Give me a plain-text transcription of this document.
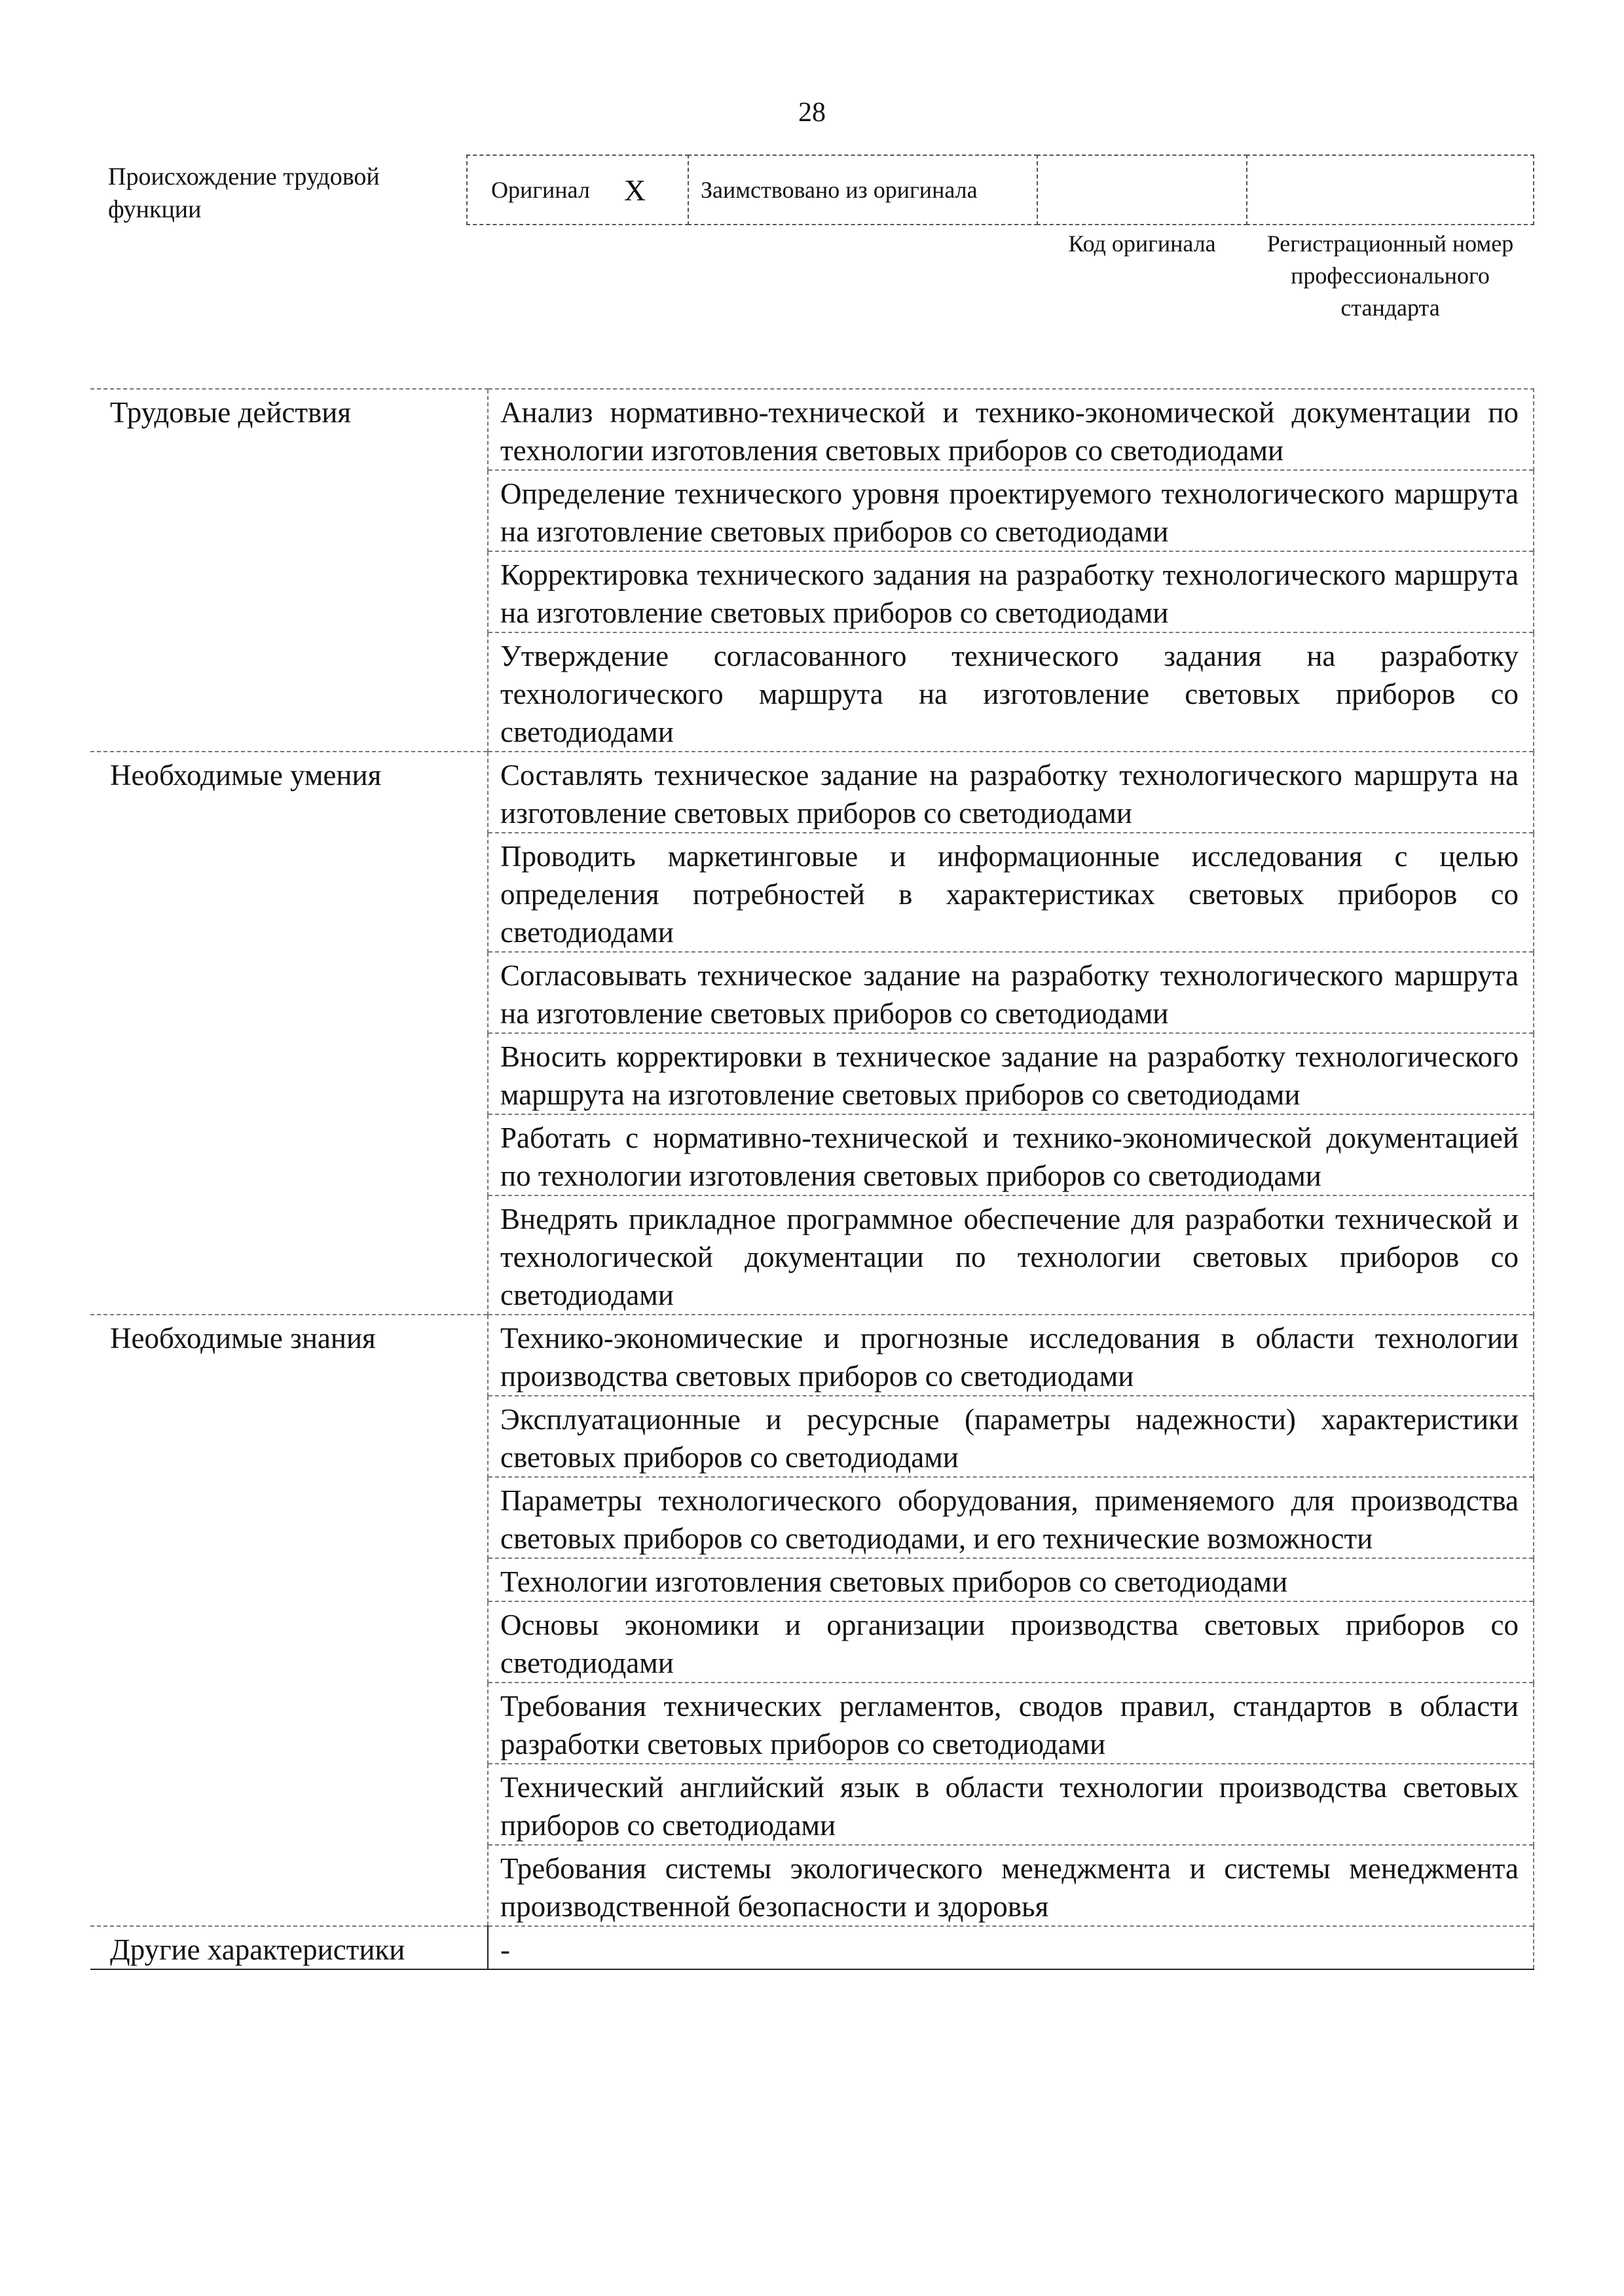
28
Происхождение трудовой функции
Оригинал X Заимствовано из оригинала
Код оригинала	Регистрационный номер профессионального стандарта
Трудовые действия	Анализ нормативно-технической и технико-экономической документации по технологии изготовления световых приборов со светодиодами
	Определение технического уровня проектируемого технологического маршрута на изготовление световых приборов со светодиодами
	Корректировка технического задания на разработку технологического маршрута на изготовление световых приборов со светодиодами
	Утверждение согласованного технического задания на разработку технологического маршрута на изготовление световых приборов со светодиодами
Необходимые умения	Составлять техническое задание на разработку технологического маршрута на изготовление световых приборов со светодиодами
	Проводить маркетинговые и информационные исследования с целью определения потребностей в характеристиках световых приборов со светодиодами
	Согласовывать техническое задание на разработку технологического маршрута на изготовление световых приборов со светодиодами
	Вносить корректировки в техническое задание на разработку технологического маршрута на изготовление световых приборов со светодиодами
	Работать с нормативно-технической и технико-экономической документацией по технологии изготовления световых приборов со светодиодами
	Внедрять прикладное программное обеспечение для разработки технической и технологической документации по технологии световых приборов со светодиодами
Необходимые знания	Технико-экономические и прогнозные исследования в области технологии производства световых приборов со светодиодами
	Эксплуатационные и ресурсные (параметры надежности) характеристики световых приборов со светодиодами
	Параметры технологического оборудования, применяемого для производства световых приборов со светодиодами, и его технические возможности
	Технологии изготовления световых приборов со светодиодами
	Основы экономики и организации производства световых приборов со светодиодами
	Требования технических регламентов, сводов правил, стандартов в области разработки световых приборов со светодиодами
	Технический английский язык в области технологии производства световых приборов со светодиодами
	Требования системы экологического менеджмента и системы менеджмента производственной безопасности и здоровья
Другие характеристики	-
